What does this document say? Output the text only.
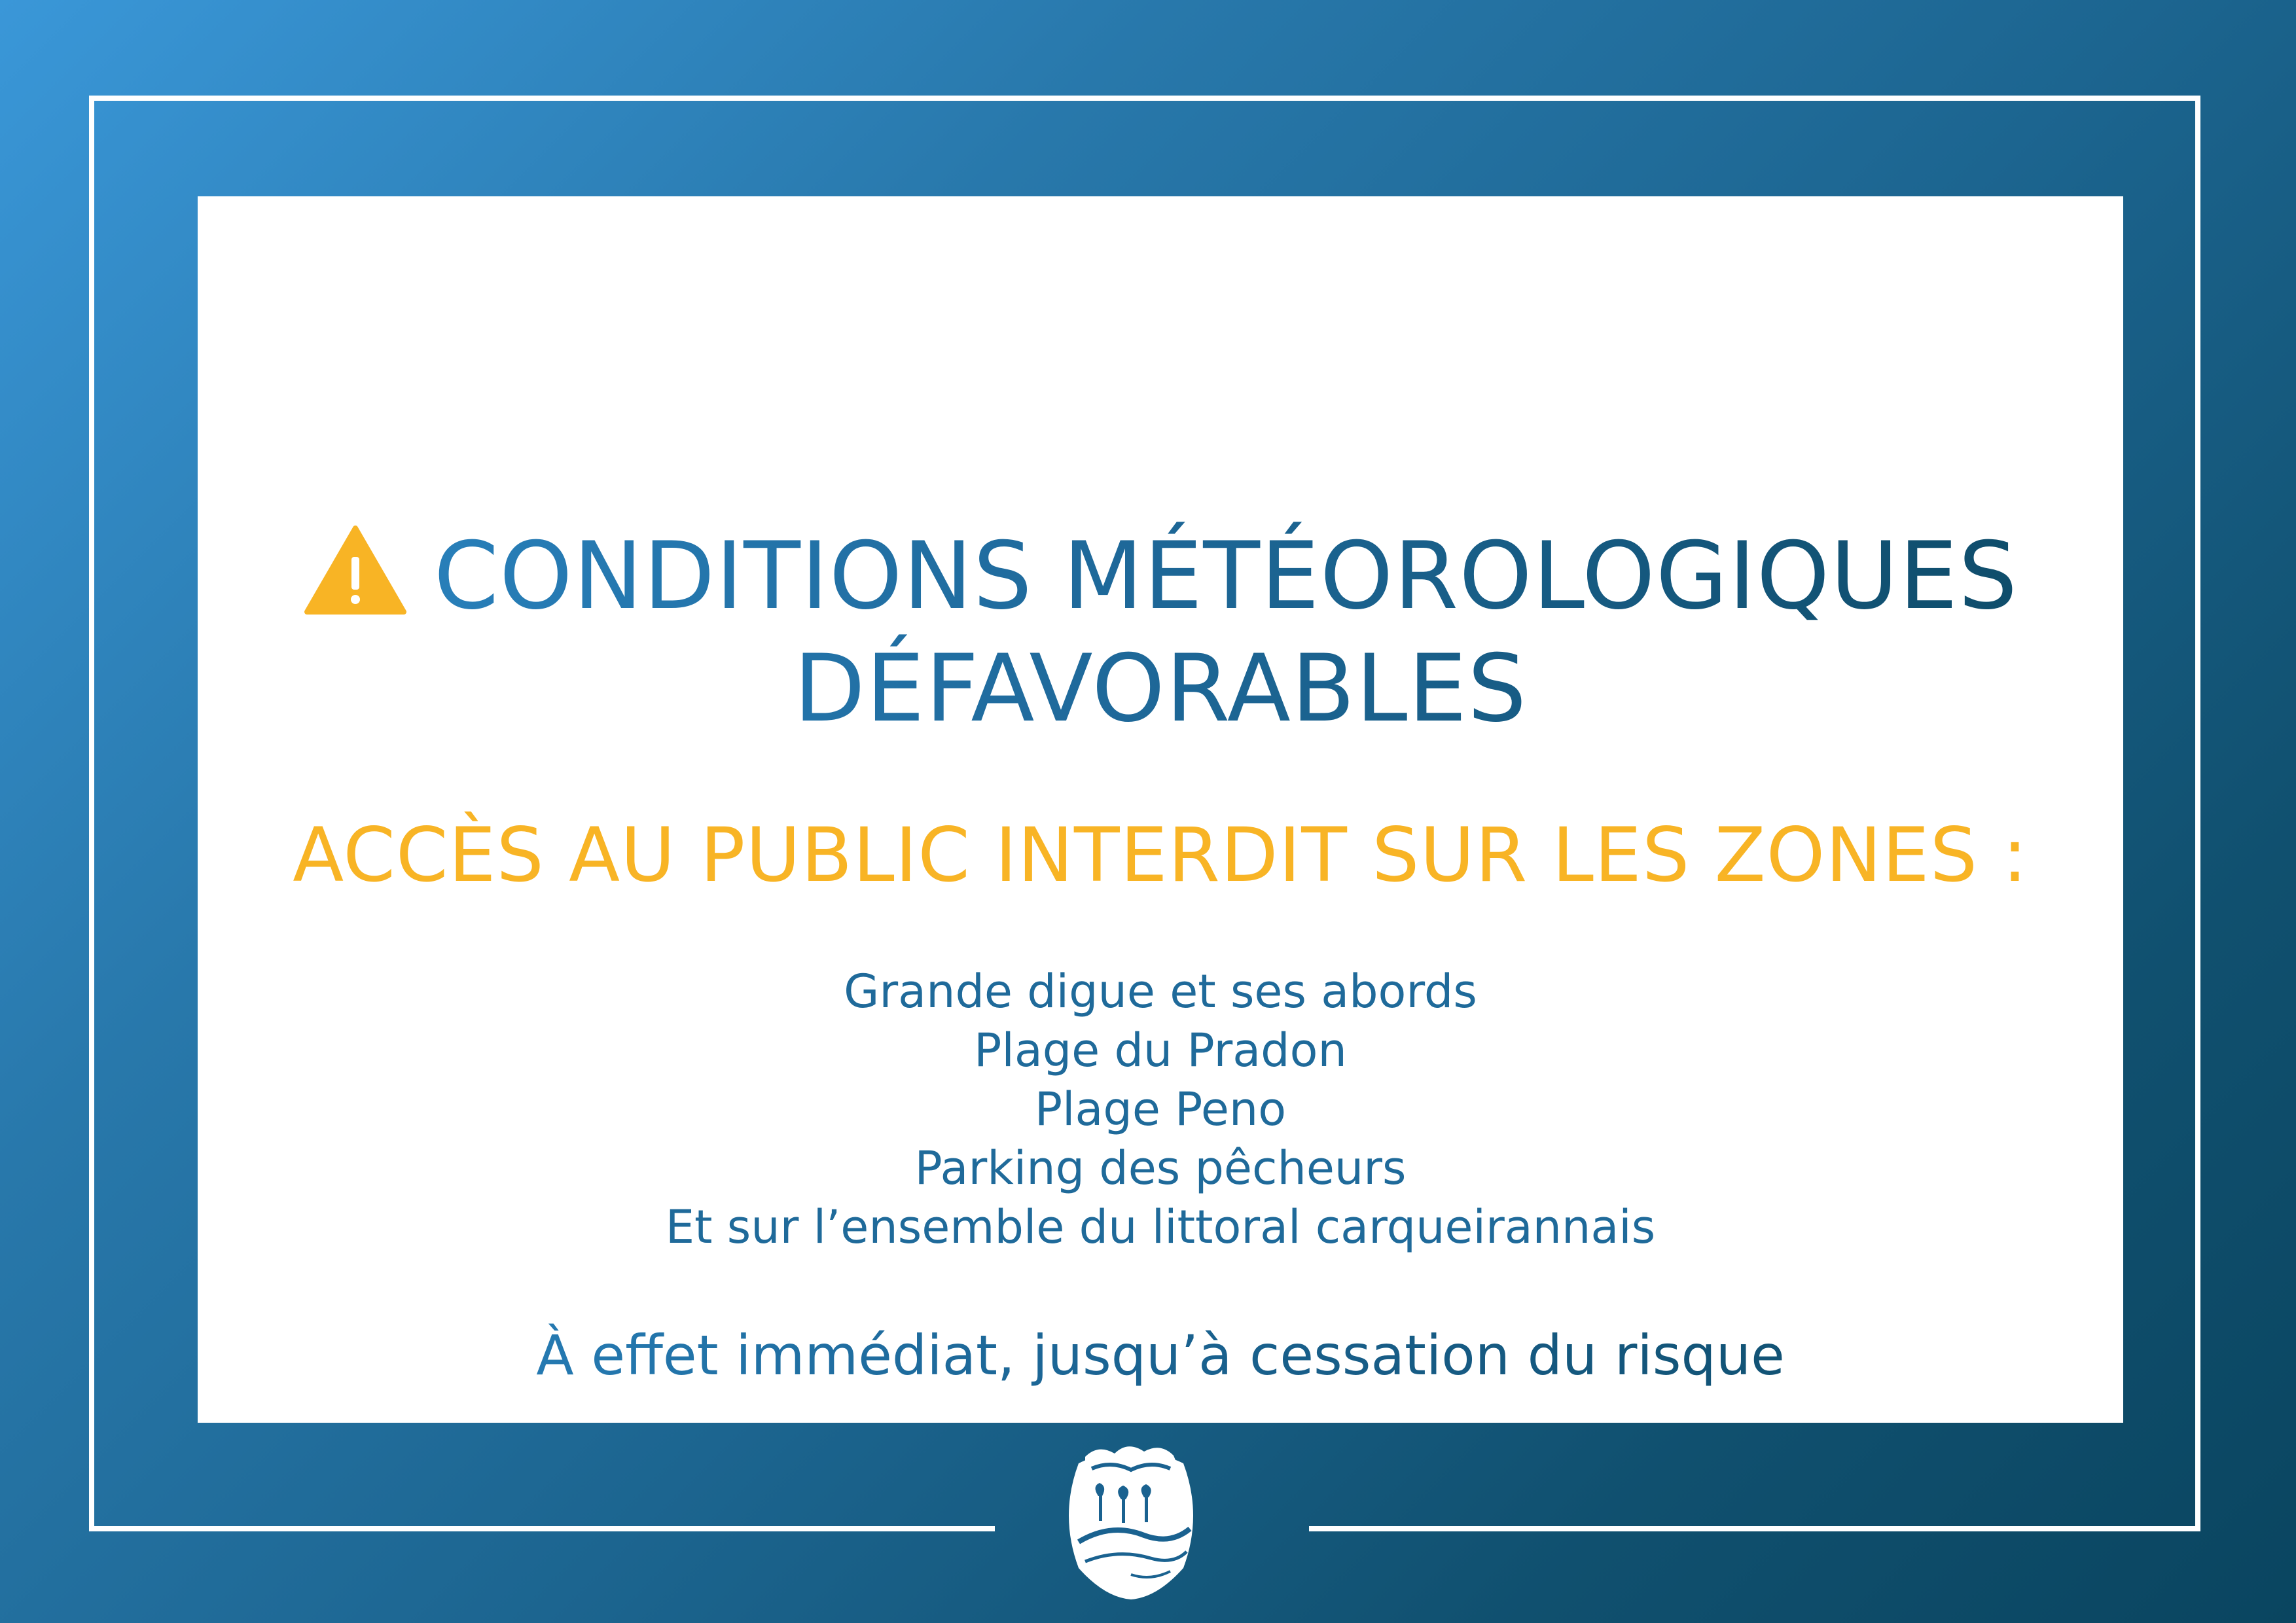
CONDITIONS MÉTÉOROLOGIQUES
DÉFAVORABLES

ACCÈS AU PUBLIC INTERDIT SUR LES ZONES :

Grande digue et ses abords
Plage du Pradon
Plage Peno
Parking des pêcheurs
Et sur l’ensemble du littoral carqueirannais

À effet immédiat, jusqu’à cessation du risque
